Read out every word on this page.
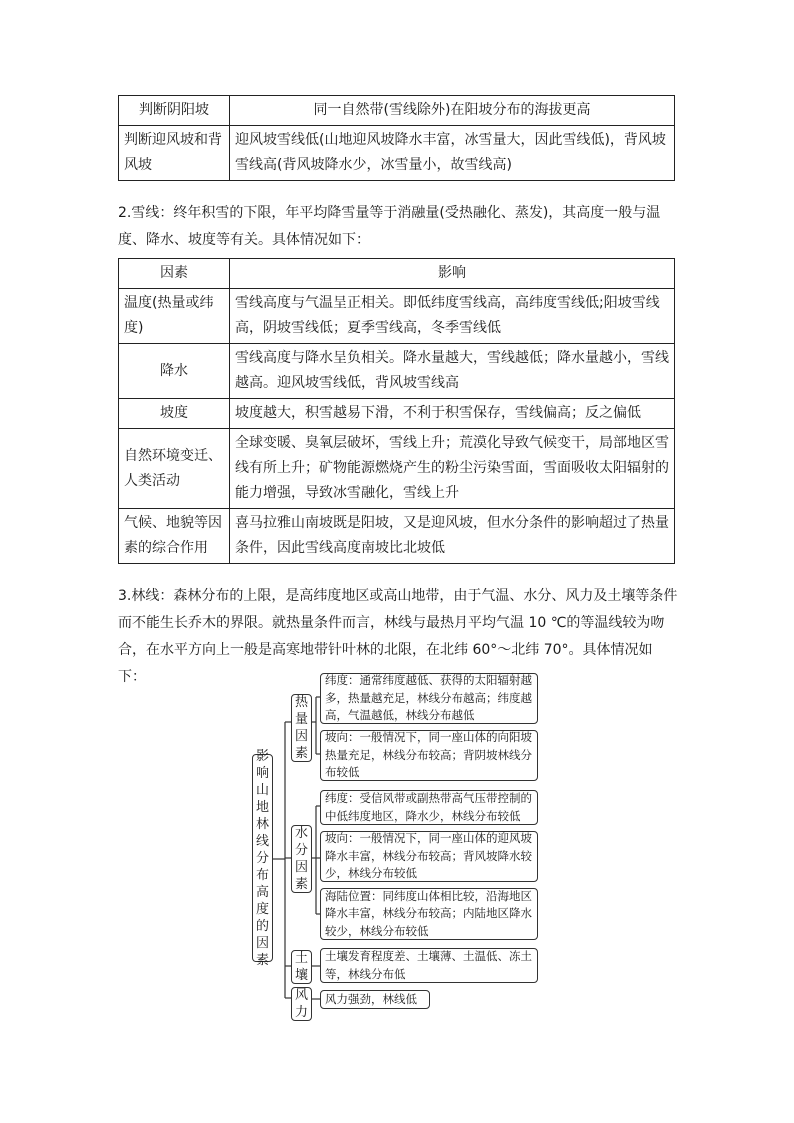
判断阴阳坡	同一自然带(雪线除外)在阳坡分布的海拔更高
判断迎风坡和背风坡	迎风坡雪线低(山地迎风坡降水丰富，冰雪量大，因此雪线低)，背风坡雪线高(背风坡降水少，冰雪量小，故雪线高)

2.雪线：终年积雪的下限，年平均降雪量等于消融量(受热融化、蒸发)，其高度一般与温度、降水、坡度等有关。具体情况如下：

因素	影响
温度(热量或纬度)	雪线高度与气温呈正相关。即低纬度雪线高，高纬度雪线低;阳坡雪线高，阴坡雪线低；夏季雪线高，冬季雪线低
降水	雪线高度与降水呈负相关。降水量越大，雪线越低；降水量越小，雪线越高。迎风坡雪线低，背风坡雪线高
坡度	坡度越大，积雪越易下滑，不利于积雪保存，雪线偏高；反之偏低
自然环境变迁、人类活动	全球变暖、臭氧层破坏，雪线上升；荒漠化导致气候变干，局部地区雪线有所上升；矿物能源燃烧产生的粉尘污染雪面，雪面吸收太阳辐射的能力增强，导致冰雪融化，雪线上升
气候、地貌等因素的综合作用	喜马拉雅山南坡既是阳坡，又是迎风坡，但水分条件的影响超过了热量条件，因此雪线高度南坡比北坡低

3.林线：森林分布的上限，是高纬度地区或高山地带，由于气温、水分、风力及土壤等条件而不能生长乔木的界限。就热量条件而言，林线与最热月平均气温 10 ℃的等温线较为吻合，在水平方向上一般是高寒地带针叶林的北限，在北纬 60°～北纬 70°。具体情况如下：

影响山地林线分布高度的因素
热量因素
水分因素
土壤
风力
纬度：通常纬度越低、获得的太阳辐射越多，热量越充足，林线分布越高；纬度越高，气温越低，林线分布越低
坡向：一般情况下，同一座山体的向阳坡热量充足，林线分布较高；背阴坡林线分布较低
纬度：受信风带或副热带高气压带控制的中低纬度地区，降水少，林线分布较低
坡向：一般情况下，同一座山体的迎风坡降水丰富，林线分布较高；背风坡降水较少，林线分布较低
海陆位置：同纬度山体相比较，沿海地区降水丰富，林线分布较高；内陆地区降水较少，林线分布较低
土壤发育程度差、土壤薄、土温低、冻土等，林线分布低
风力强劲，林线低
